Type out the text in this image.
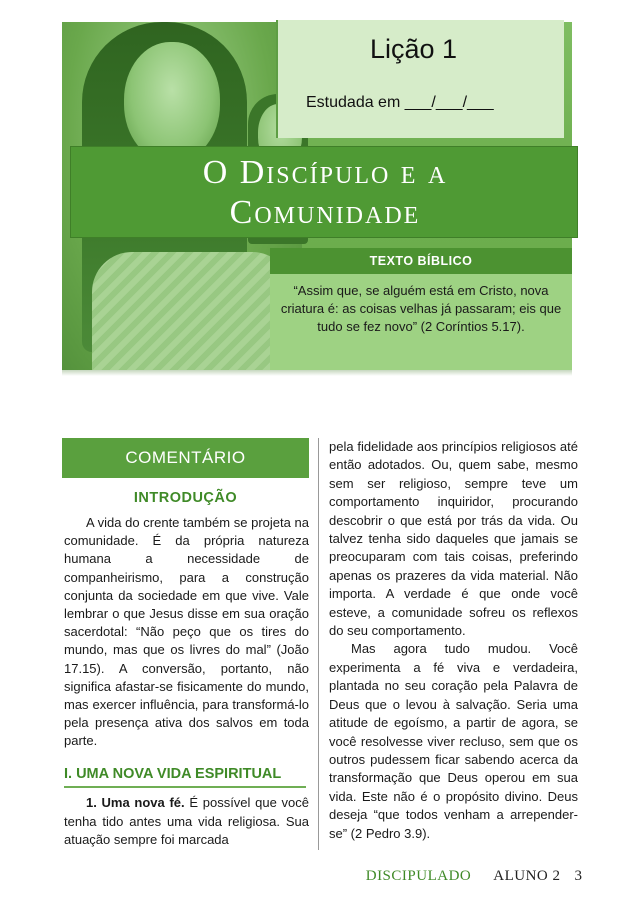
Lição 1
Estudada em ___/___/___
O Discípulo e a
Comunidade
TEXTO BÍBLICO
“Assim que, se alguém está em Cristo, nova criatura é: as coisas velhas já passaram; eis que tudo se fez novo” (2 Coríntios 5.17).
COMENTÁRIO
INTRODUÇÃO

A vida do crente também se projeta na comunidade. É da própria natureza humana a necessidade de companheirismo, para a construção conjunta da sociedade em que vive. Vale lembrar o que Jesus disse em sua oração sacerdotal: “Não peço que os tires do mundo, mas que os livres do mal” (João 17.15). A conversão, portanto, não significa afastar-se fisicamente do mundo, mas exercer influência, para transformá-lo pela presença ativa dos salvos em toda parte.

I. UMA NOVA VIDA ESPIRITUAL

1. Uma nova fé. É possível que você tenha tido antes uma vida religiosa. Sua atuação sempre foi marcada

pela fidelidade aos princípios religiosos até então adotados. Ou, quem sabe, mesmo sem ser religioso, sempre teve um comportamento inquiridor, procurando descobrir o que está por trás da vida. Ou talvez tenha sido daqueles que jamais se preocuparam com tais coisas, preferindo apenas os prazeres da vida material. Não importa. A verdade é que onde você esteve, a comunidade sofreu os reflexos do seu comportamento.

Mas agora tudo mudou. Você experimenta a fé viva e verdadeira, plantada no seu coração pela Palavra de Deus que o levou à salvação. Seria uma atitude de egoísmo, a partir de agora, se você resolvesse viver recluso, sem que os outros pudessem ficar sabendo acerca da transformação que Deus operou em sua vida. Este não é o propósito divino. Deus deseja “que todos venham a arrepender-se” (2 Pedro 3.9).

DISCIPULADO ALUNO 2 3
